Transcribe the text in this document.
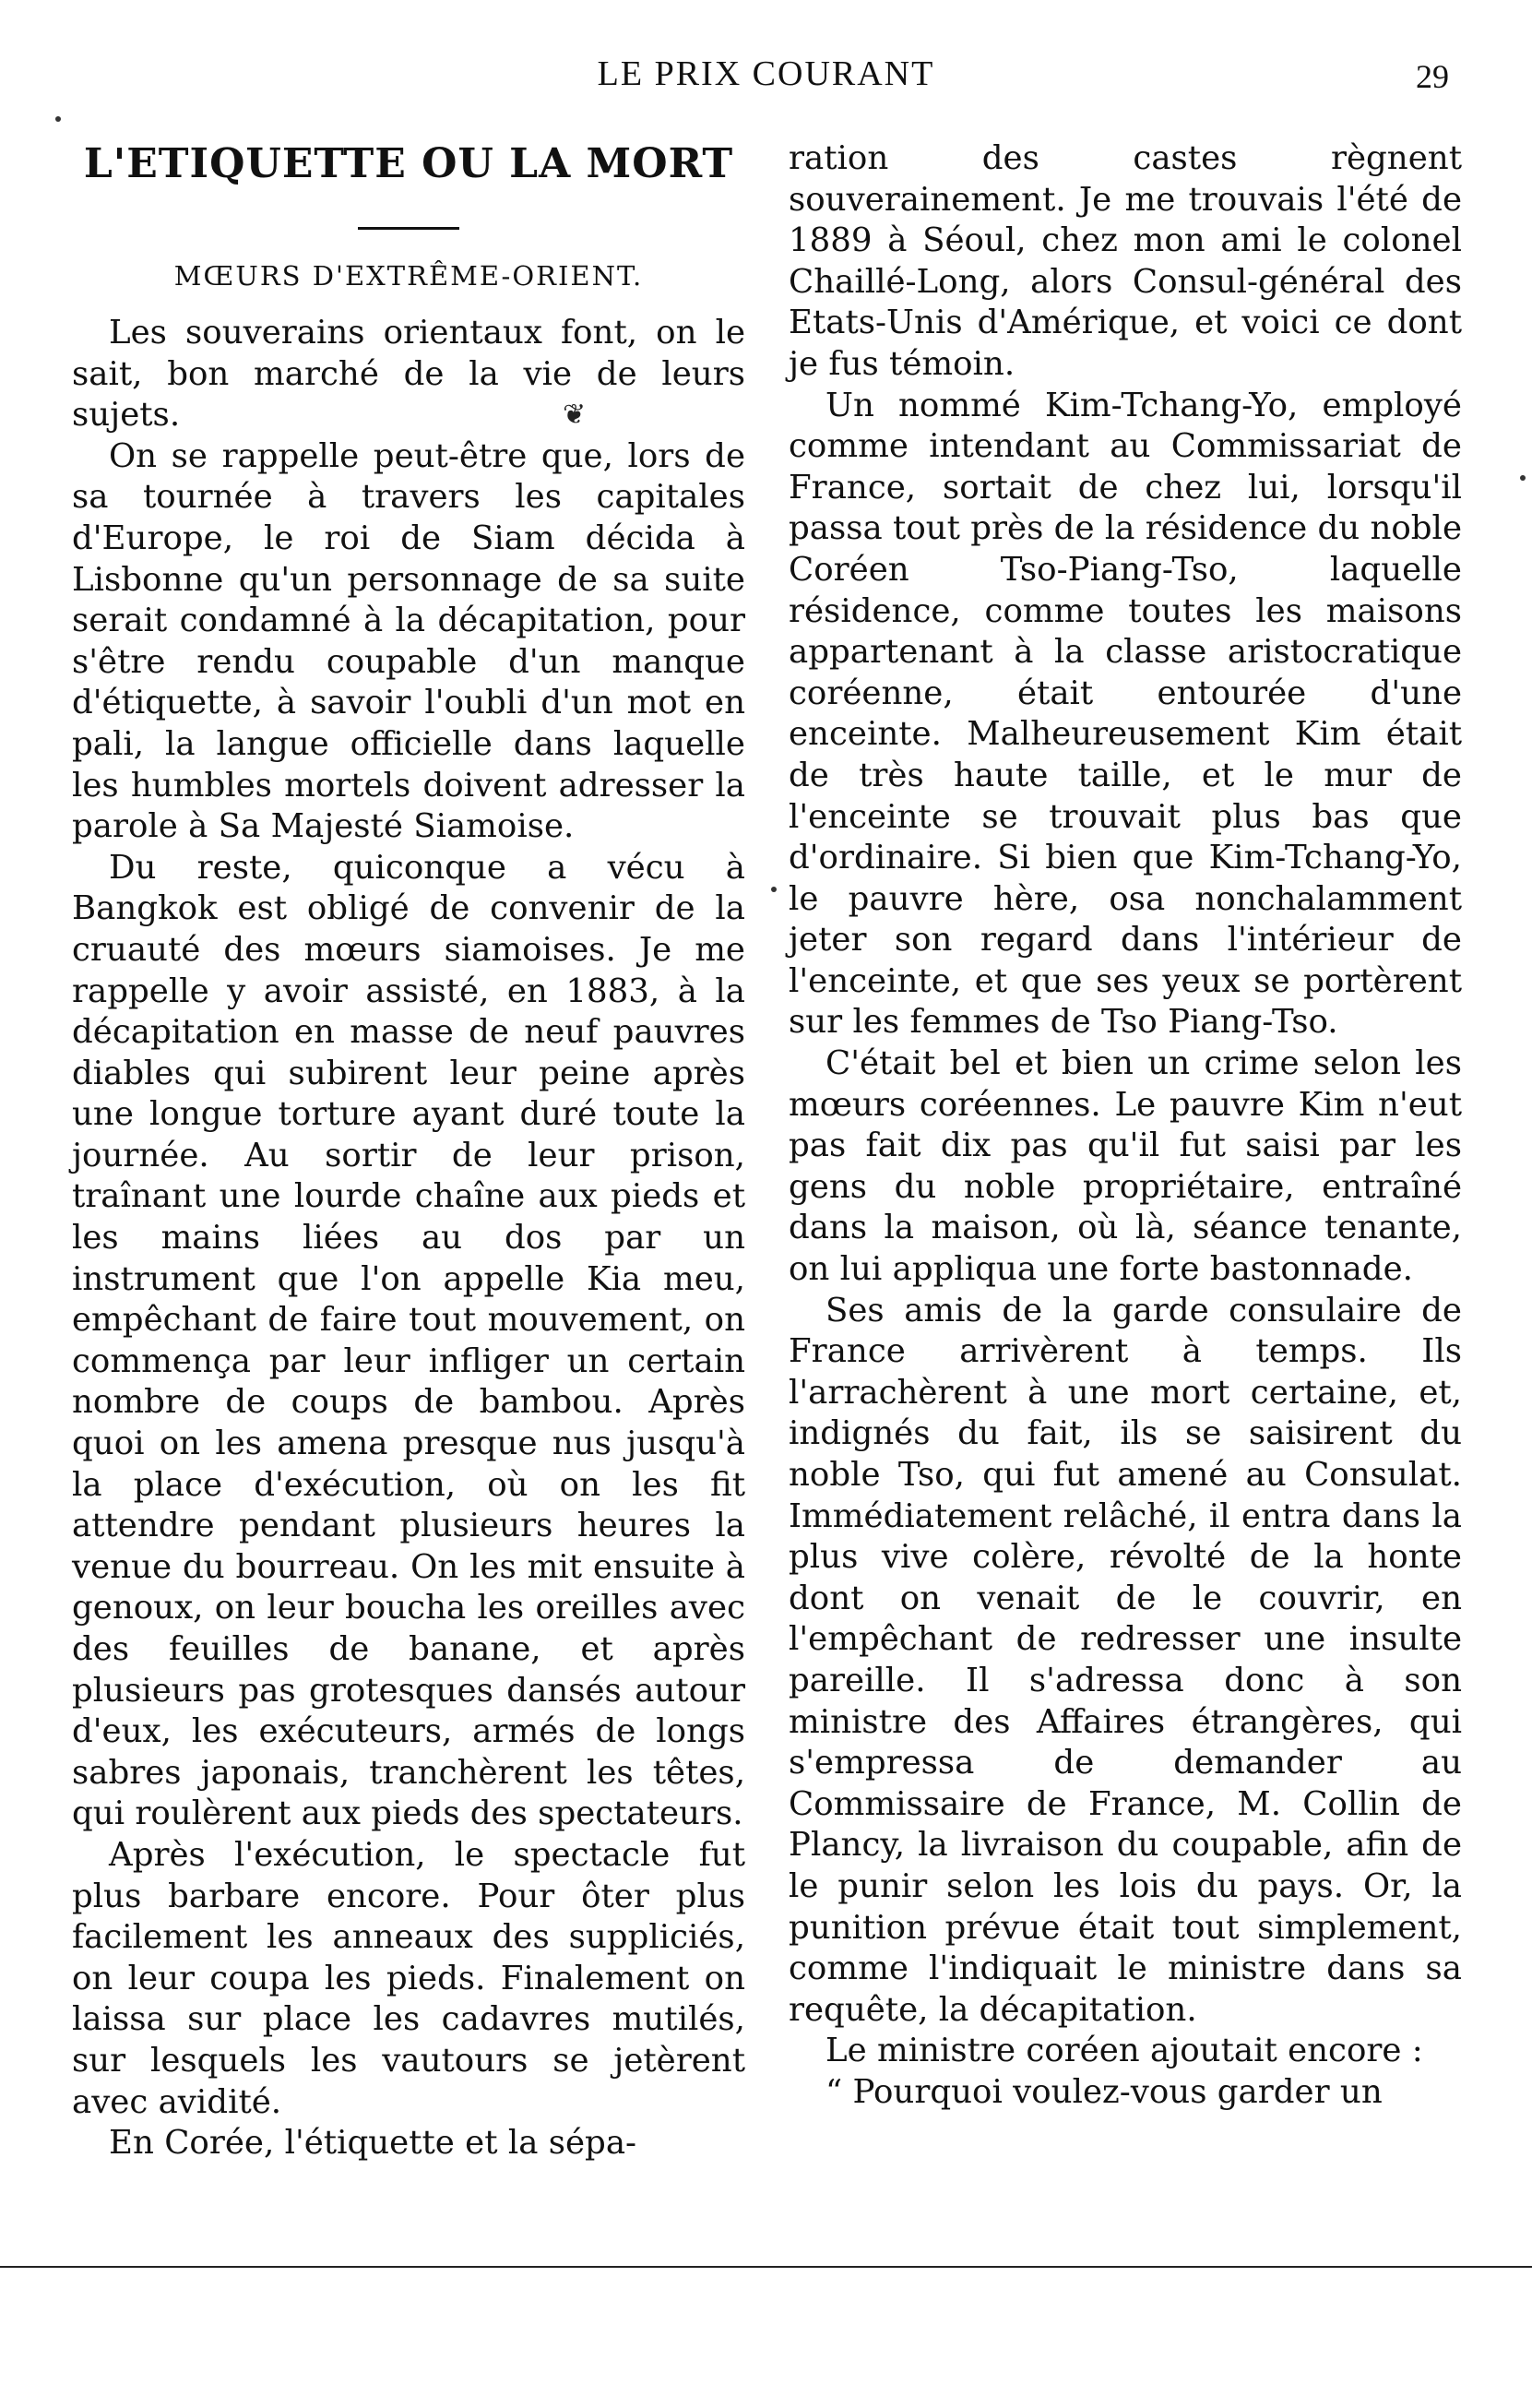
LE PRIX COURANT	29
L'ETIQUETTE OU LA MORT
MŒURS D'EXTRÊME-ORIENT.

Les souverains orientaux font, on le sait, bon marché de la vie de leurs sujets.

On se rappelle peut-être que, lors de sa tournée à travers les capitales d'Europe, le roi de Siam décida à Lisbonne qu'un personnage de sa suite serait condamné à la décapitation, pour s'être rendu coupable d'un manque d'étiquette, à savoir l'oubli d'un mot en pali, la langue officielle dans laquelle les humbles mortels doivent adresser la parole à Sa Majesté Siamoise.

Du reste, quiconque a vécu à Bangkok est obligé de convenir de la cruauté des mœurs siamoises. Je me rappelle y avoir assisté, en 1883, à la décapitation en masse de neuf pauvres diables qui subirent leur peine après une longue torture ayant duré toute la journée. Au sortir de leur prison, traînant une lourde chaîne aux pieds et les mains liées au dos par un instrument que l'on appelle Kia meu, empêchant de faire tout mouvement, on commença par leur infliger un certain nombre de coups de bambou. Après quoi on les amena presque nus jusqu'à la place d'exécution, où on les fit attendre pendant plusieurs heures la venue du bourreau. On les mit ensuite à genoux, on leur boucha les oreilles avec des feuilles de banane, et après plusieurs pas grotesques dansés autour d'eux, les exécuteurs, armés de longs sabres japonais, tranchèrent les têtes, qui roulèrent aux pieds des spectateurs.

Après l'exécution, le spectacle fut plus barbare encore. Pour ôter plus facilement les anneaux des suppliciés, on leur coupa les pieds. Finalement on laissa sur place les cadavres mutilés, sur lesquels les vautours se jetèrent avec avidité.

En Corée, l'étiquette et la sépa-

ration des castes règnent souverainement. Je me trouvais l'été de 1889 à Séoul, chez mon ami le colonel Chaillé-Long, alors Consul-général des Etats-Unis d'Amérique, et voici ce dont je fus témoin.

Un nommé Kim-Tchang-Yo, employé comme intendant au Commissariat de France, sortait de chez lui, lorsqu'il passa tout près de la résidence du noble Coréen Tso-Piang-Tso, laquelle résidence, comme toutes les maisons appartenant à la classe aristocratique coréenne, était entourée d'une enceinte. Malheureusement Kim était de très haute taille, et le mur de l'enceinte se trouvait plus bas que d'ordinaire. Si bien que Kim-Tchang-Yo, le pauvre hère, osa nonchalamment jeter son regard dans l'intérieur de l'enceinte, et que ses yeux se portèrent sur les femmes de Tso Piang-Tso.

C'était bel et bien un crime selon les mœurs coréennes. Le pauvre Kim n'eut pas fait dix pas qu'il fut saisi par les gens du noble propriétaire, entraîné dans la maison, où là, séance tenante, on lui appliqua une forte bastonnade.

Ses amis de la garde consulaire de France arrivèrent à temps. Ils l'arrachèrent à une mort certaine, et, indignés du fait, ils se saisirent du noble Tso, qui fut amené au Consulat. Immédiatement relâché, il entra dans la plus vive colère, révolté de la honte dont on venait de le couvrir, en l'empêchant de redresser une insulte pareille. Il s'adressa donc à son ministre des Affaires étrangères, qui s'empressa de demander au Commissaire de France, M. Collin de Plancy, la livraison du coupable, afin de le punir selon les lois du pays. Or, la punition prévue était tout simplement, comme l'indiquait le ministre dans sa requête, la décapitation.

Le ministre coréen ajoutait encore :

“ Pourquoi voulez-vous garder un

❦
